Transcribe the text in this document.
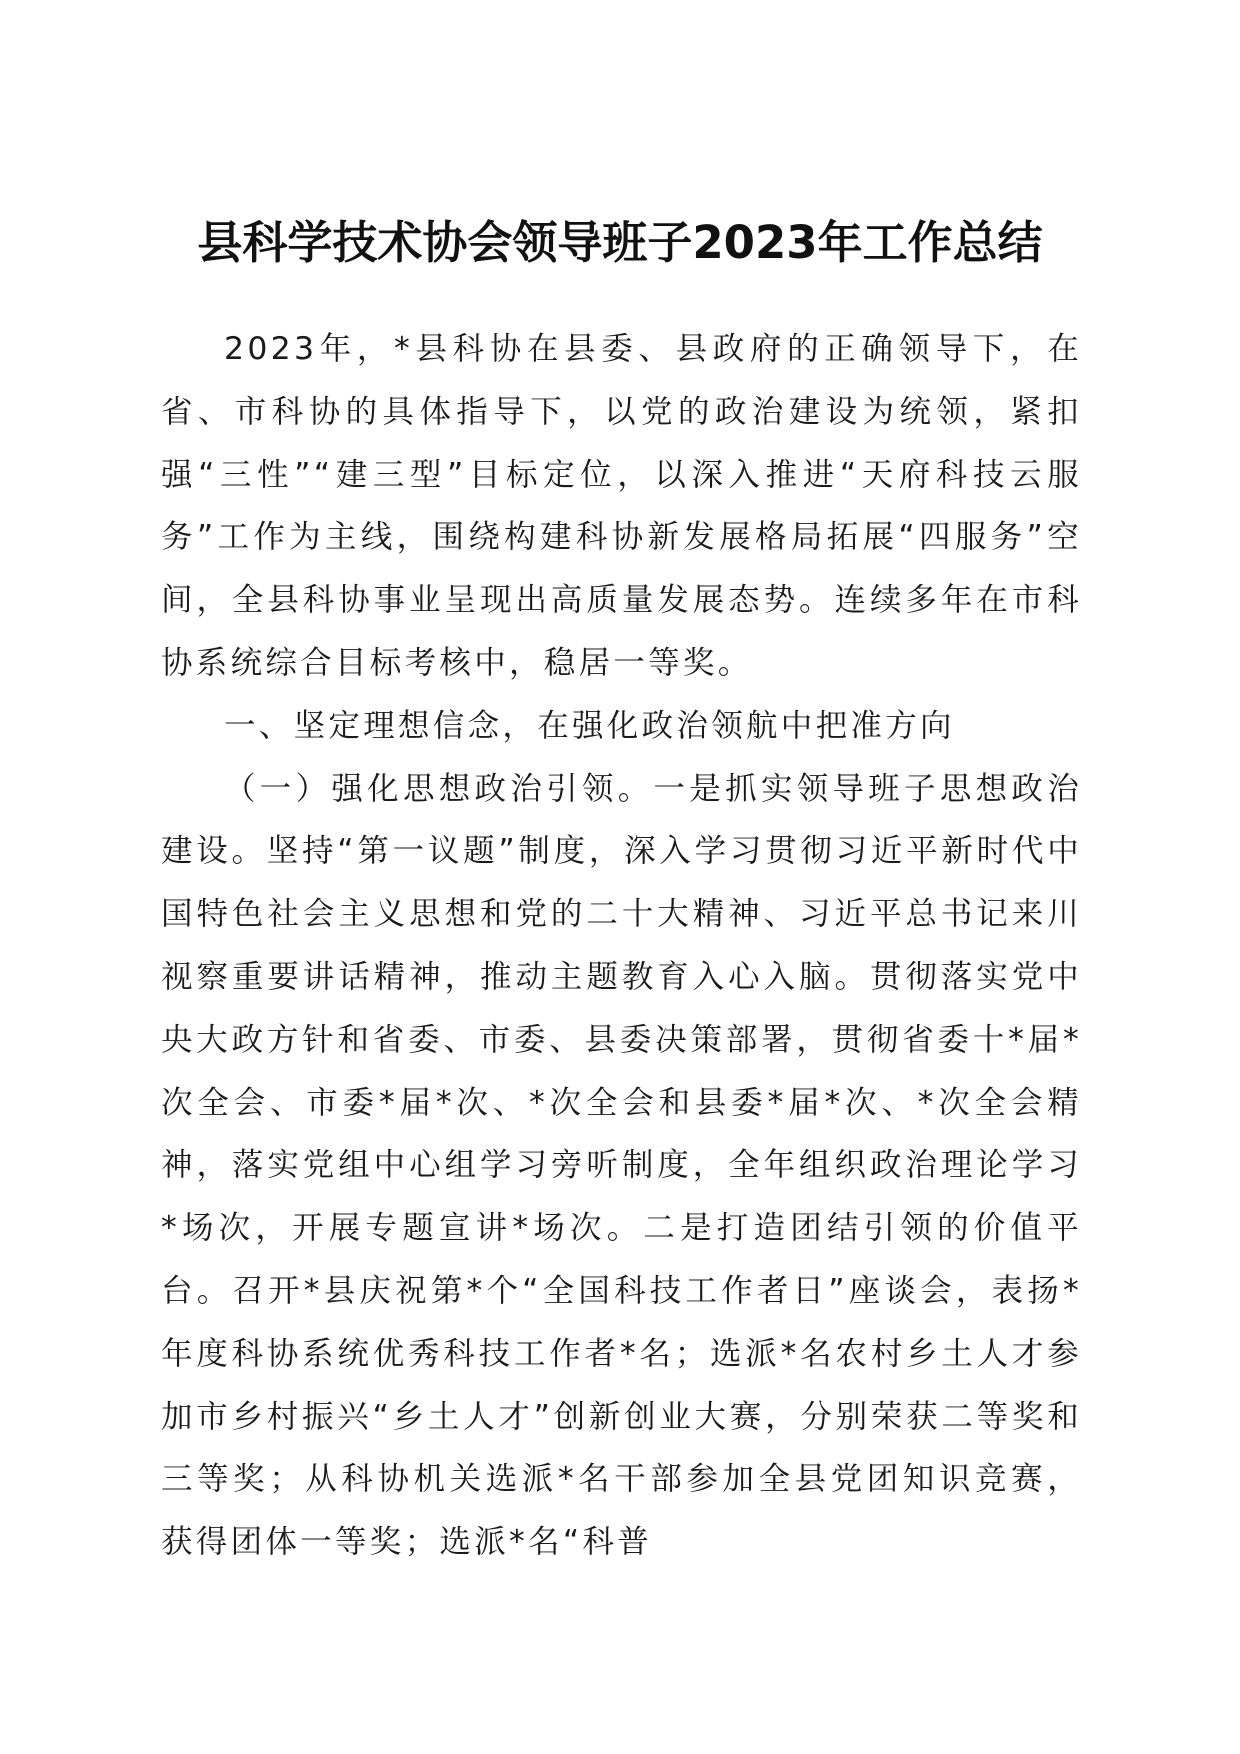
县科学技术协会领导班子2023年工作总结

2023年，*县科协在县委、县政府的正确领导下，在省、市科协的具体指导下，以党的政治建设为统领，紧扣强“三性”“建三型”目标定位，以深入推进“天府科技云服务”工作为主线，围绕构建科协新发展格局拓展“四服务”空间，全县科协事业呈现出高质量发展态势。连续多年在市科协系统综合目标考核中，稳居一等奖。

一、坚定理想信念，在强化政治领航中把准方向

（一）强化思想政治引领。一是抓实领导班子思想政治建设。坚持“第一议题”制度，深入学习贯彻习近平新时代中国特色社会主义思想和党的二十大精神、习近平总书记来川视察重要讲话精神，推动主题教育入心入脑。贯彻落实党中央大政方针和省委、市委、县委决策部署，贯彻省委十*届*次全会、市委*届*次、*次全会和县委*届*次、*次全会精神，落实党组中心组学习旁听制度，全年组织政治理论学习*场次，开展专题宣讲*场次。二是打造团结引领的价值平台。召开*县庆祝第*个“全国科技工作者日”座谈会，表扬*年度科协系统优秀科技工作者*名；选派*名农村乡土人才参加市乡村振兴“乡土人才”创新创业大赛，分别荣获二等奖和三等奖；从科协机关选派*名干部参加全县党团知识竞赛，获得团体一等奖；选派*名“科普
